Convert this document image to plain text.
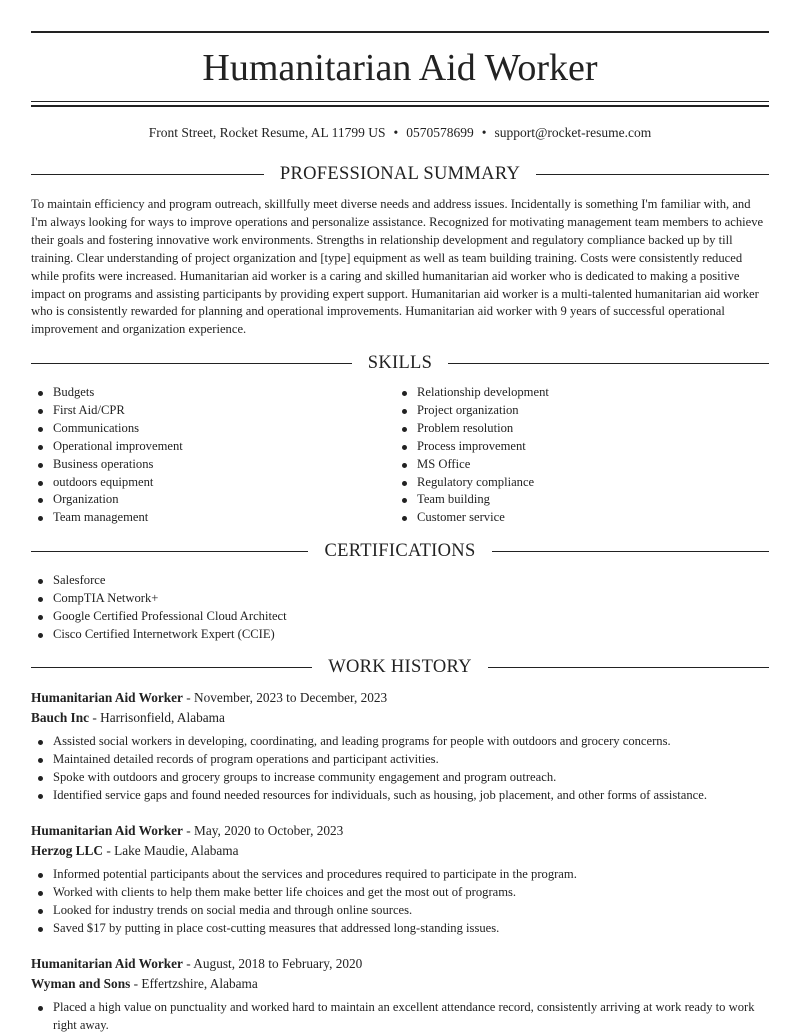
Humanitarian Aid Worker
Front Street, Rocket Resume, AL 11799 US • 0570578699 • support@rocket-resume.com
PROFESSIONAL SUMMARY

To maintain efficiency and program outreach, skillfully meet diverse needs and address issues. Incidentally is something I'm familiar with, and I'm always looking for ways to improve operations and personalize assistance. Recognized for motivating management team members to achieve their goals and fostering innovative work environments. Strengths in relationship development and regulatory compliance backed up by till training. Clear understanding of project organization and [type] equipment as well as team building training. Costs were consistently reduced while profits were increased. Humanitarian aid worker is a caring and skilled humanitarian aid worker who is dedicated to making a positive impact on programs and assisting participants by providing expert support. Humanitarian aid worker is a multi-talented humanitarian aid worker who is consistently rewarded for planning and operational improvements. Humanitarian aid worker with 9 years of successful operational improvement and organization experience.

SKILLS
Budgets
First Aid/CPR
Communications
Operational improvement
Business operations
outdoors equipment
Organization
Team management
Relationship development
Project organization
Problem resolution
Process improvement
MS Office
Regulatory compliance
Team building
Customer service
CERTIFICATIONS
Salesforce
CompTIA Network+
Google Certified Professional Cloud Architect
Cisco Certified Internetwork Expert (CCIE)
WORK HISTORY
Humanitarian Aid Worker - November, 2023 to December, 2023
Bauch Inc - Harrisonfield, Alabama
Assisted social workers in developing, coordinating, and leading programs for people with outdoors and grocery concerns.
Maintained detailed records of program operations and participant activities.
Spoke with outdoors and grocery groups to increase community engagement and program outreach.
Identified service gaps and found needed resources for individuals, such as housing, job placement, and other forms of assistance.
Humanitarian Aid Worker - May, 2020 to October, 2023
Herzog LLC - Lake Maudie, Alabama
Informed potential participants about the services and procedures required to participate in the program.
Worked with clients to help them make better life choices and get the most out of programs.
Looked for industry trends on social media and through online sources.
Saved $17 by putting in place cost-cutting measures that addressed long-standing issues.
Humanitarian Aid Worker - August, 2018 to February, 2020
Wyman and Sons - Effertzshire, Alabama
Placed a high value on punctuality and worked hard to maintain an excellent attendance record, consistently arriving at work ready to work right away.
